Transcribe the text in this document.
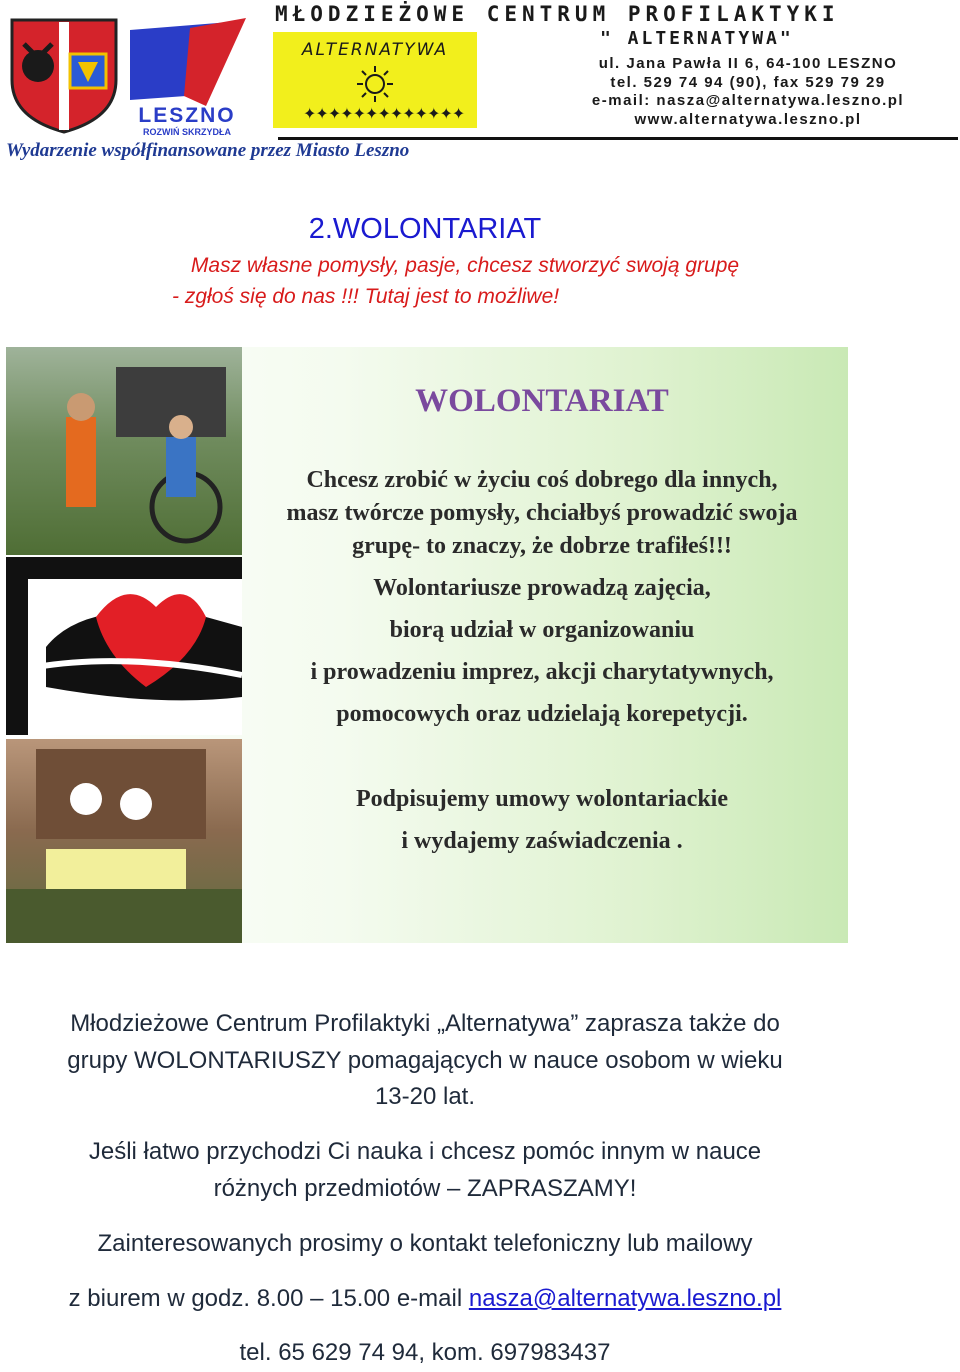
LESZNO
ROZWIŃ SKRZYDŁA
ALTERNATYWA
✦✦✦✦✦✦✦✦✦✦✦✦✦
MŁODZIEŻOWE CENTRUM PROFILAKTYKI
" ALTERNATYWA"
ul. Jana Pawła II 6, 64-100 LESZNO
tel. 529 74 94 (90), fax 529 79 29
e-mail: nasza@alternatywa.leszno.pl
www.alternatywa.leszno.pl
Wydarzenie współfinansowane przez Miasto Leszno
2.WOLONTARIAT
Masz własne pomysły, pasje, chcesz stworzyć swoją grupę
- zgłoś się do nas !!! Tutaj jest to możliwe!
WOLONTARIAT
Chcesz zrobić w życiu coś dobrego dla innych,
masz twórcze pomysły, chciałbyś prowadzić swoja
grupę- to znaczy, że dobrze trafiłeś!!!
Wolontariusze prowadzą zajęcia,
biorą udział w organizowaniu
i prowadzeniu imprez, akcji charytatywnych,
pomocowych oraz udzielają korepetycji.
Podpisujemy umowy wolontariackie
i wydajemy zaświadczenia .
Młodzieżowe Centrum Profilaktyki „Alternatywa” zaprasza także do
grupy WOLONTARIUSZY pomagających w nauce osobom w wieku
13-20 lat.
Jeśli łatwo przychodzi Ci nauka i chcesz pomóc innym w nauce
różnych przedmiotów – ZAPRASZAMY!
Zainteresowanych prosimy o kontakt telefoniczny lub mailowy
z biurem w godz. 8.00 – 15.00 e-mail nasza@alternatywa.leszno.pl
tel. 65 629 74 94, kom. 697983437
